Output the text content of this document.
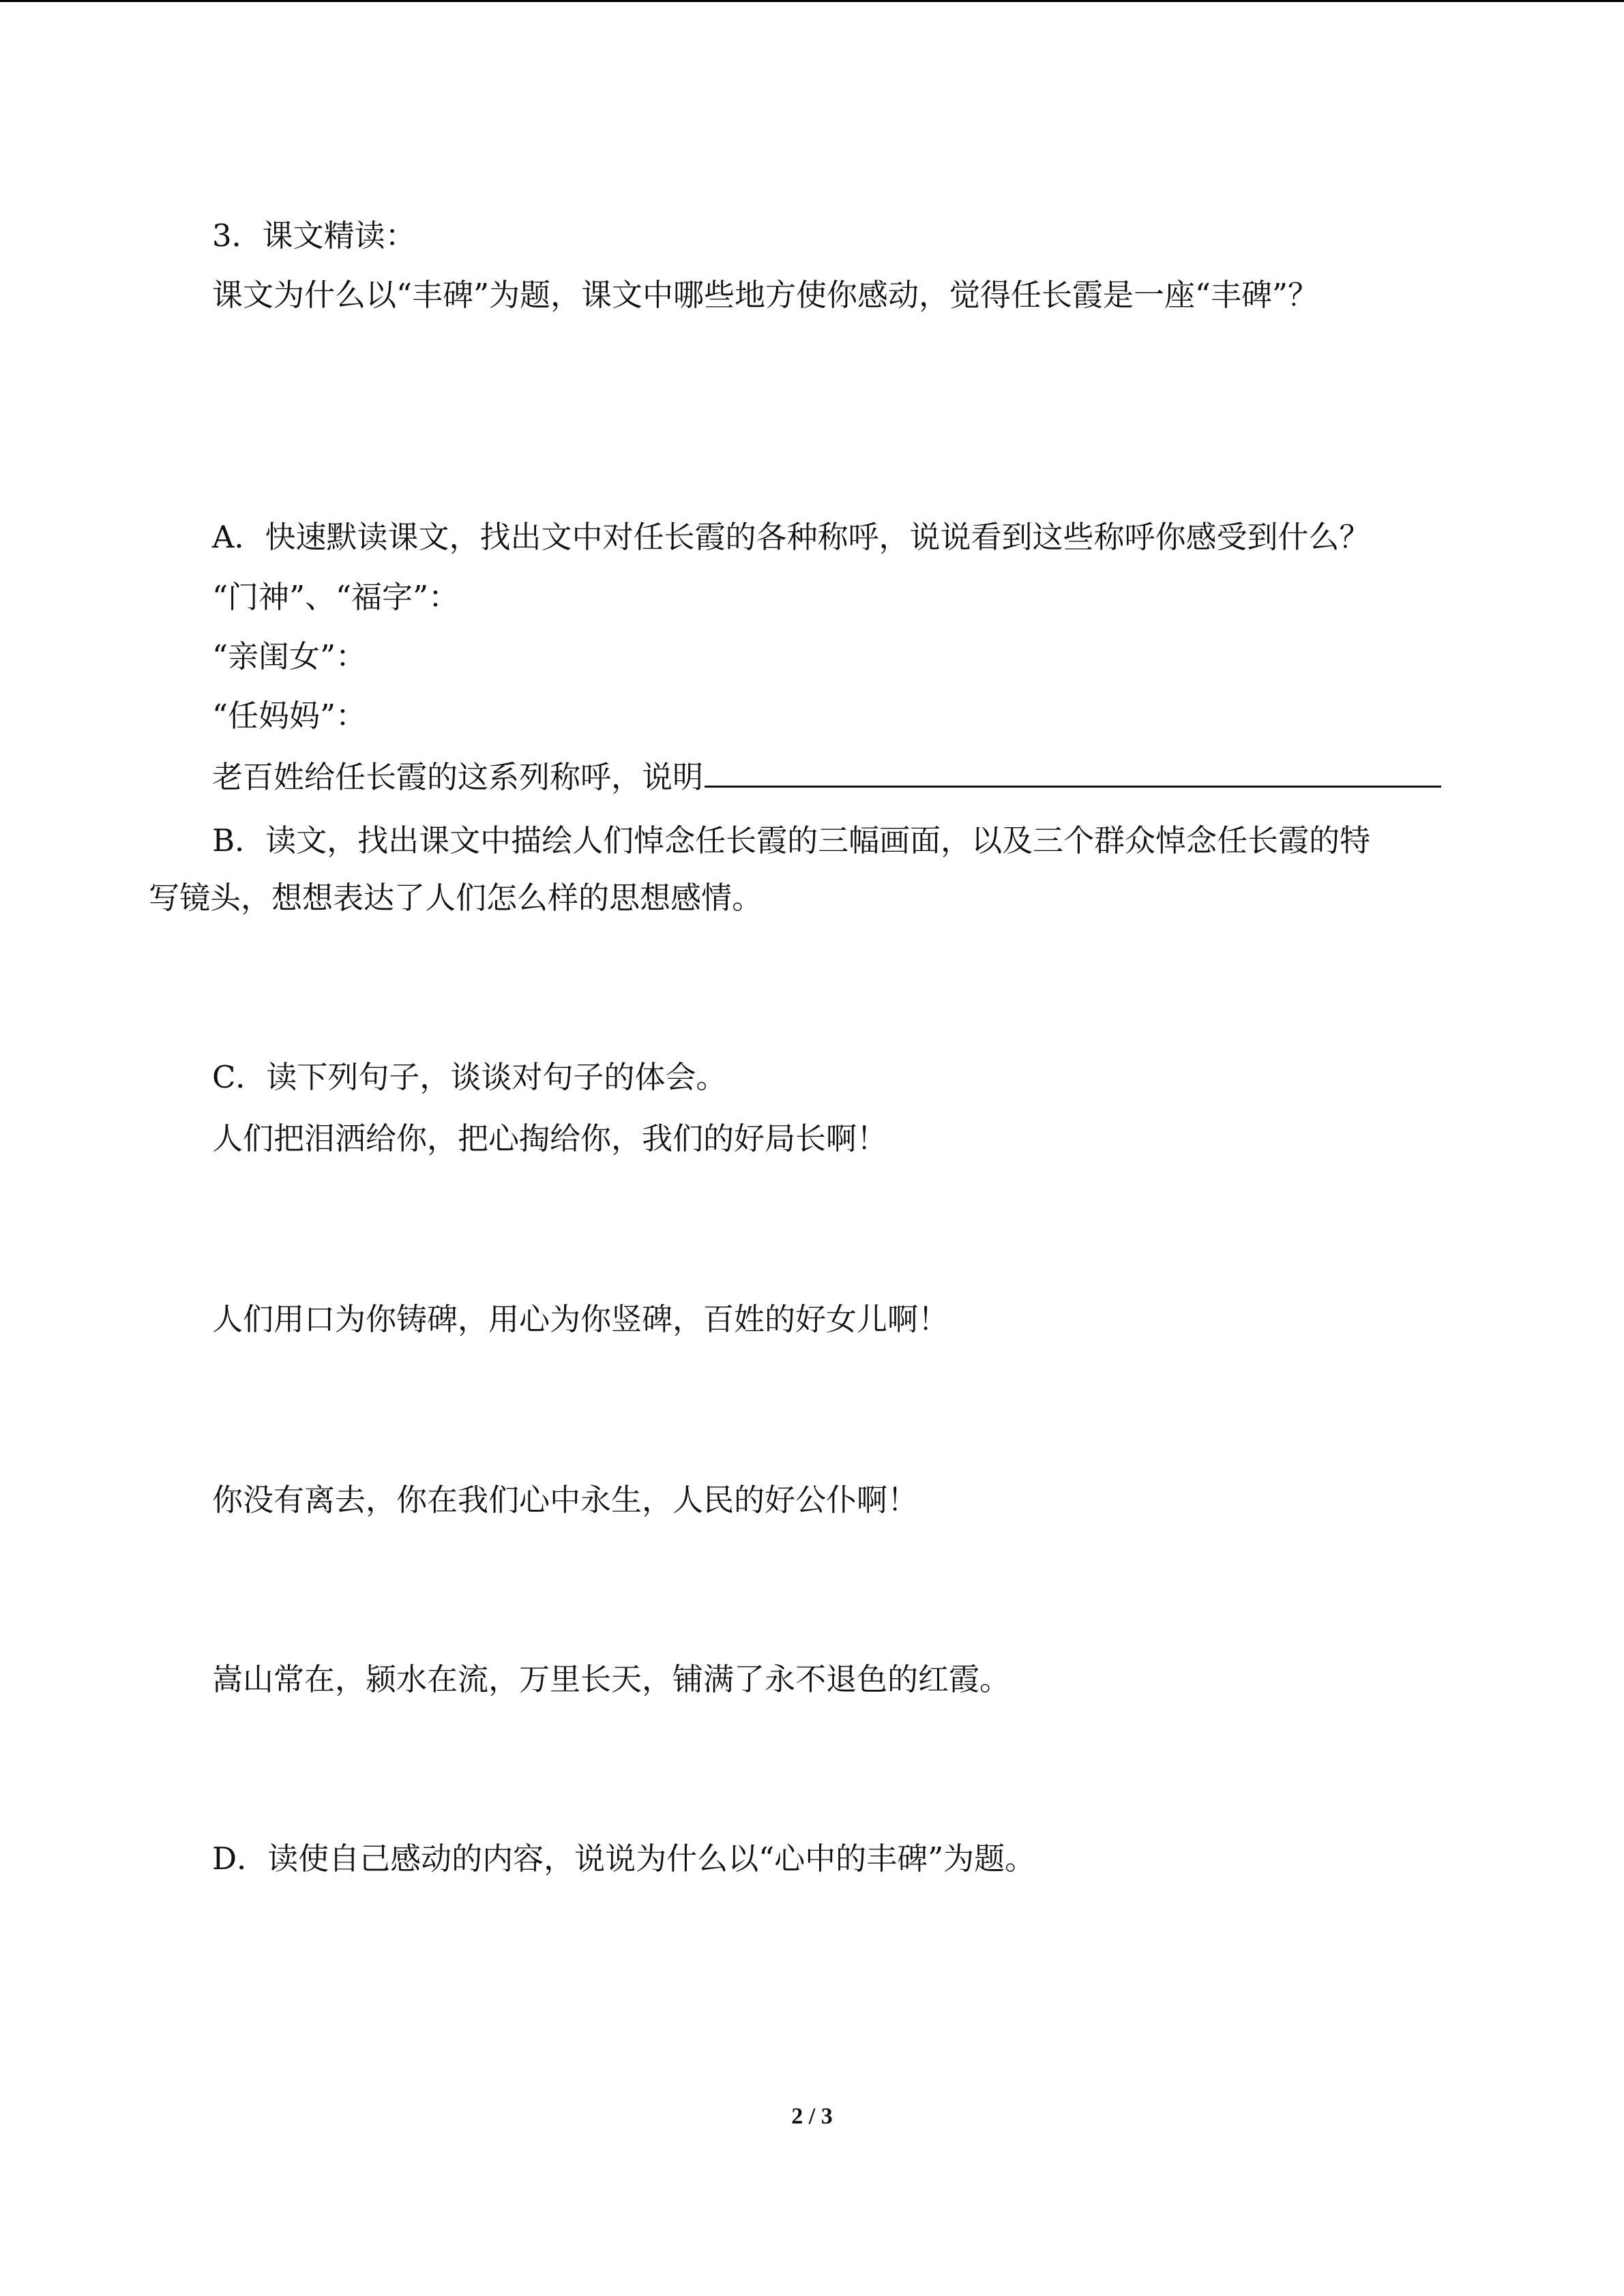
3．课文精读：

课文为什么以“丰碑”为题，课文中哪些地方使你感动，觉得任长霞是一座“丰碑”？

A．快速默读课文，找出文中对任长霞的各种称呼，说说看到这些称呼你感受到什么？

“门神”、“福字”：

“亲闺女”：

“任妈妈”：

老百姓给任长霞的这系列称呼，说明

B．读文，找出课文中描绘人们悼念任长霞的三幅画面，以及三个群众悼念任长霞的特

写镜头，想想表达了人们怎么样的思想感情。

C．读下列句子，谈谈对句子的体会。

人们把泪洒给你，把心掏给你，我们的好局长啊！

人们用口为你铸碑，用心为你竖碑，百姓的好女儿啊！

你没有离去，你在我们心中永生，人民的好公仆啊！

嵩山常在，颍水在流，万里长天，铺满了永不退色的红霞。

D．读使自己感动的内容，说说为什么以“心中的丰碑”为题。

2 / 3
